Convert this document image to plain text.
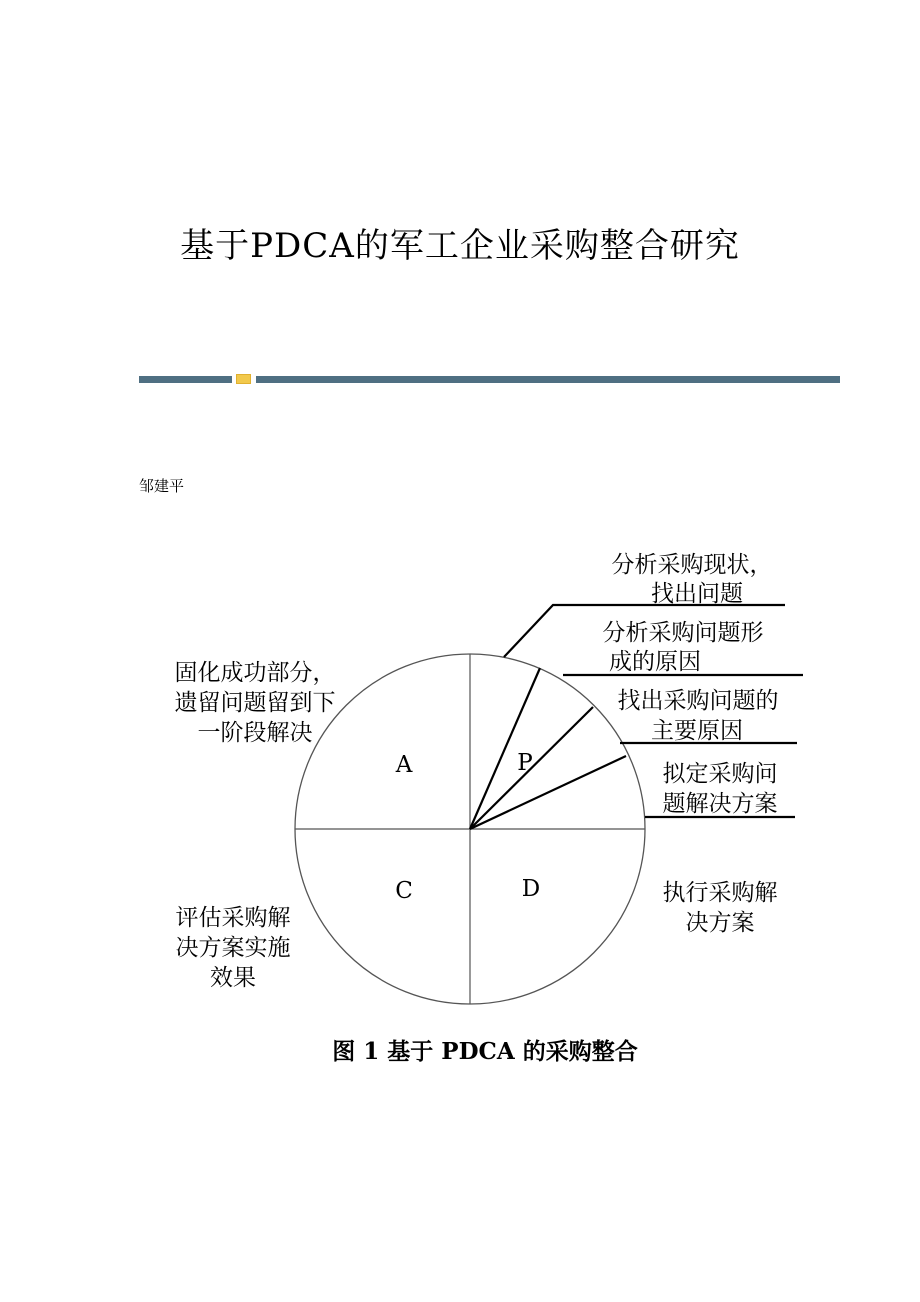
基于PDCA的军工企业采购整合研究
邹建平
A	P
C	D
分析采购现状，
找出问题
分析采购问题形
成的原因
找出采购问题的
主要原因
拟定采购问
题解决方案
固化成功部分，
遗留问题留到下
一阶段解决
评估采购解
决方案实施
效果
执行采购解
决方案
图 1 基于 PDCA 的采购整合
